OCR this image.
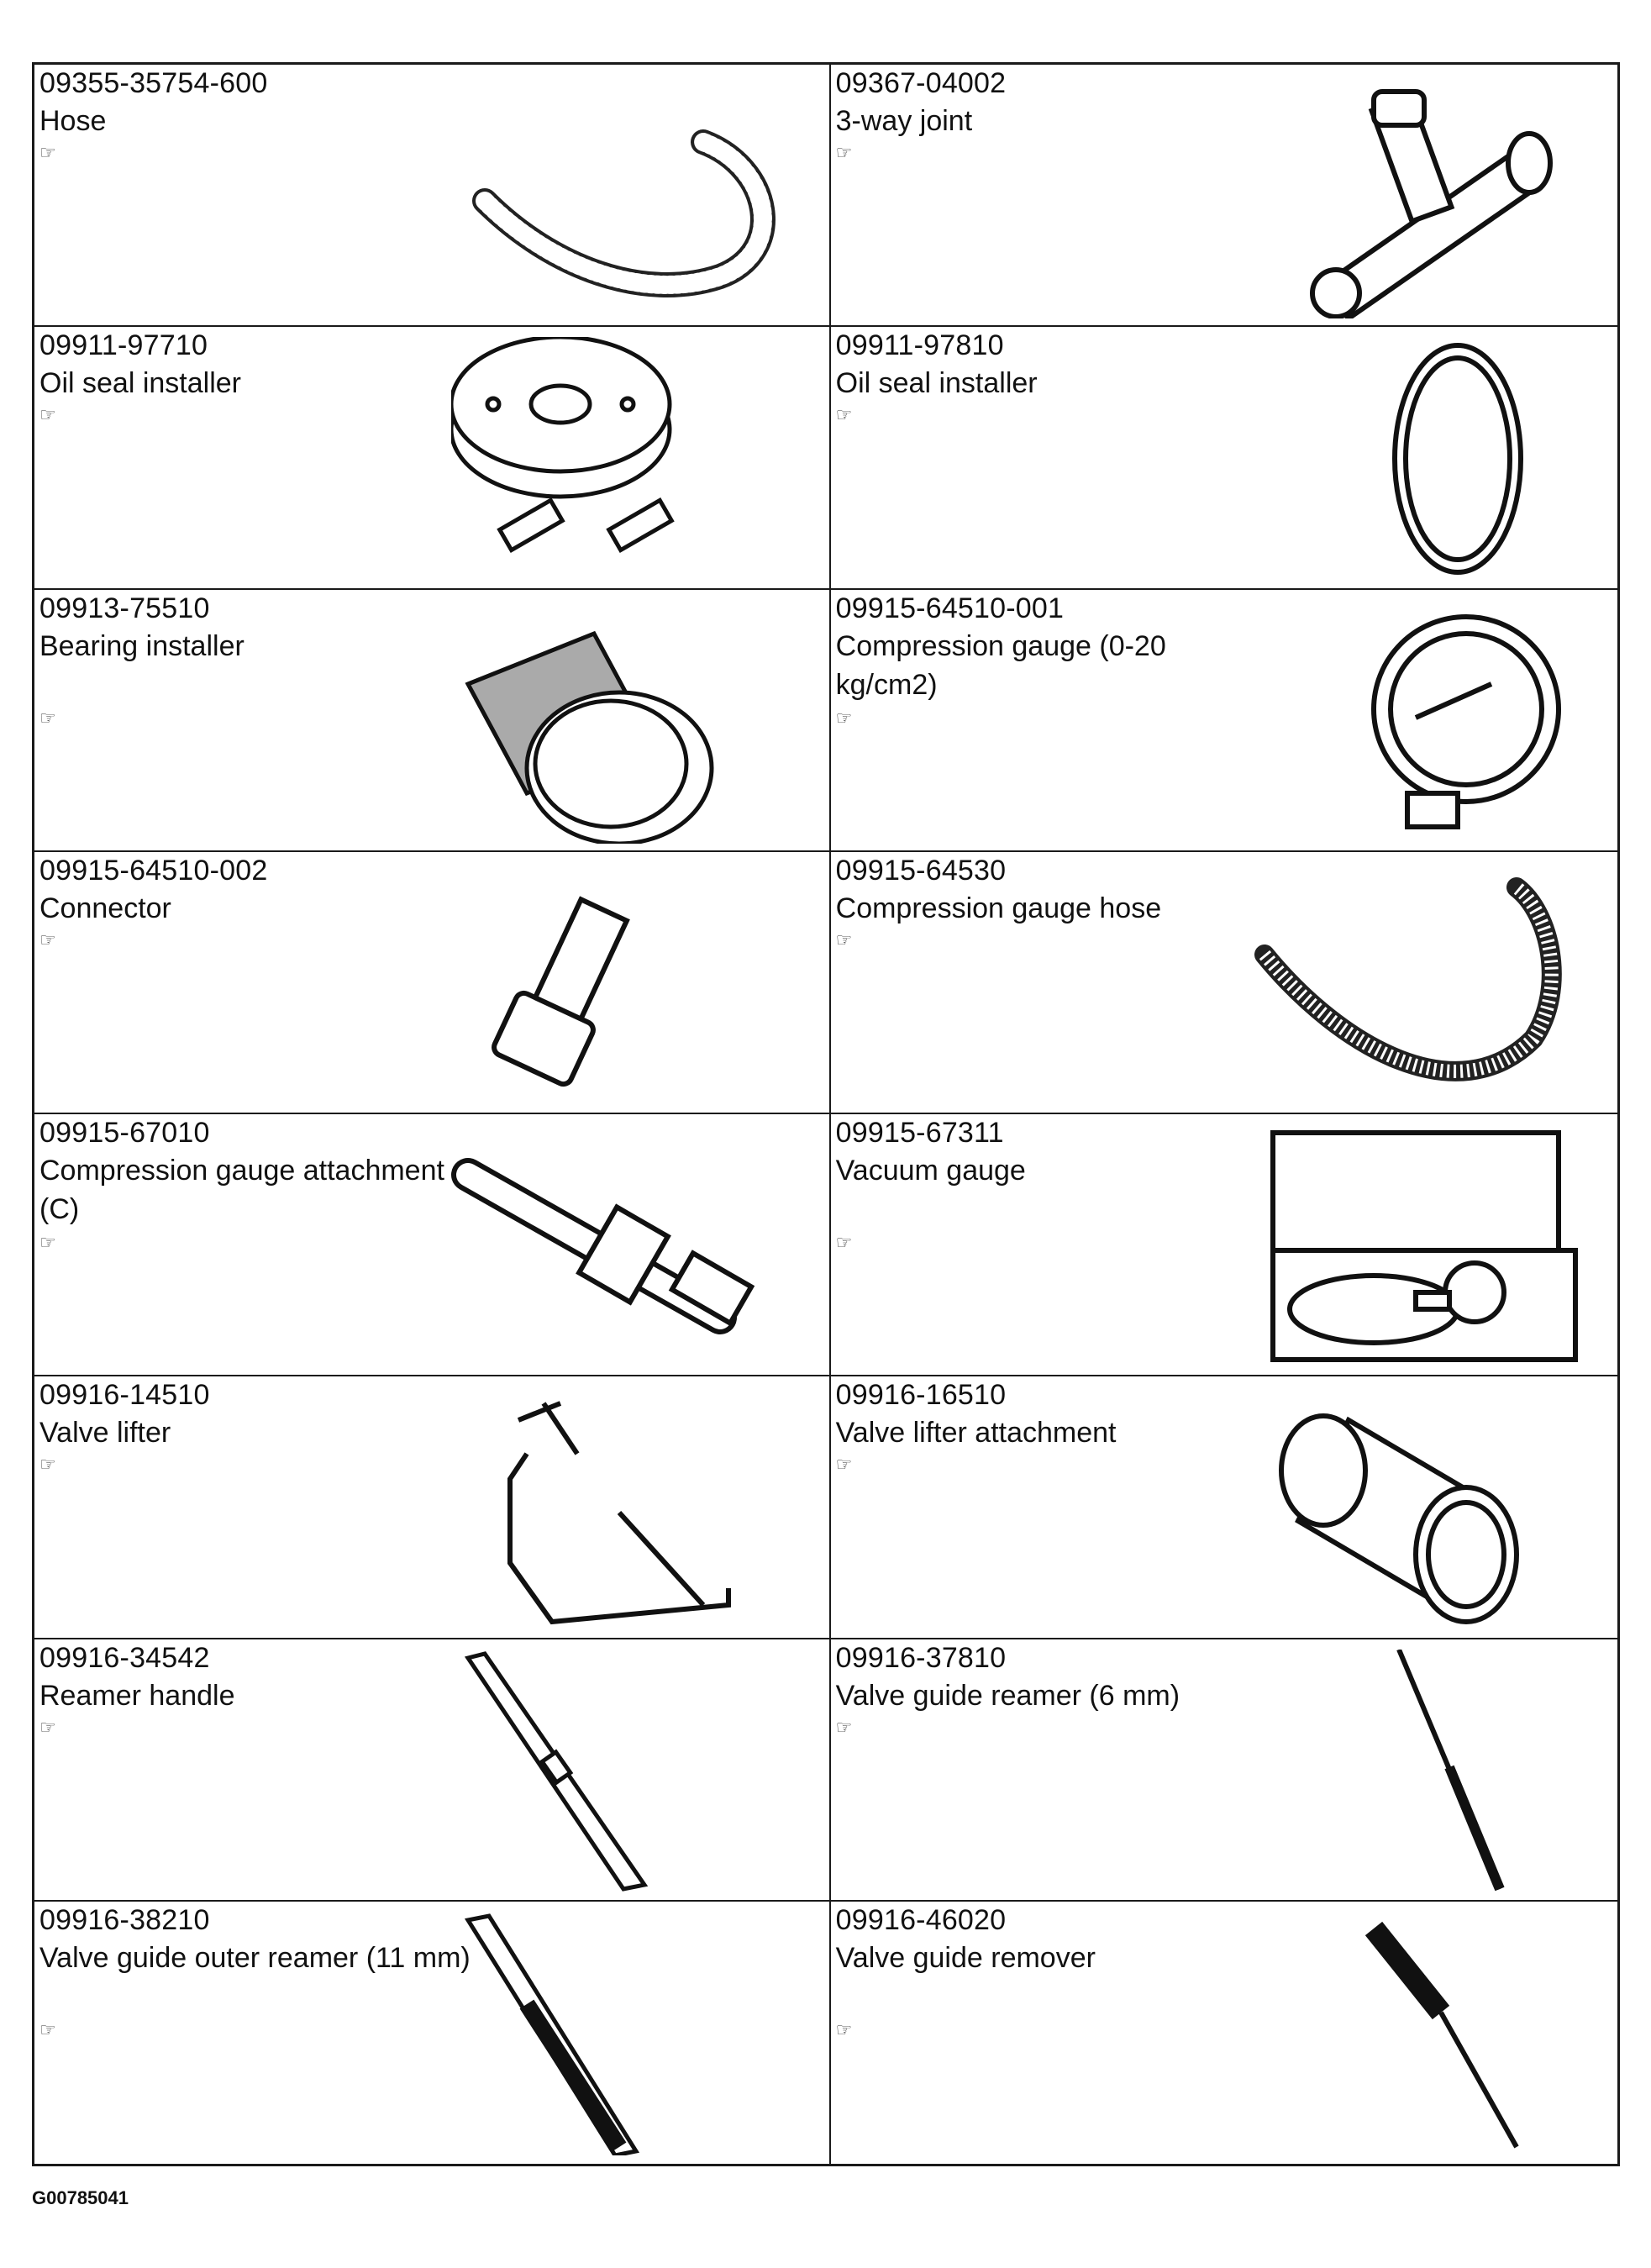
09355-35754-600
Hose
☞
09367-04002
3-way joint
☞
09911-97710
Oil seal installer
☞
09911-97810
Oil seal installer
☞
09913-75510
Bearing installer
☞
09915-64510-001
Compression gauge (0-20 kg/cm2)
☞
09915-64510-002
Connector
☞
09915-64530
Compression gauge hose
☞
09915-67010
Compression gauge attachment (C)
☞
09915-67311
Vacuum gauge
☞
09916-14510
Valve lifter
☞
09916-16510
Valve lifter attachment
☞
09916-34542
Reamer handle
☞
09916-37810
Valve guide reamer (6 mm)
☞
09916-38210
Valve guide outer reamer (11 mm)
☞
09916-46020
Valve guide remover
☞
G00785041
